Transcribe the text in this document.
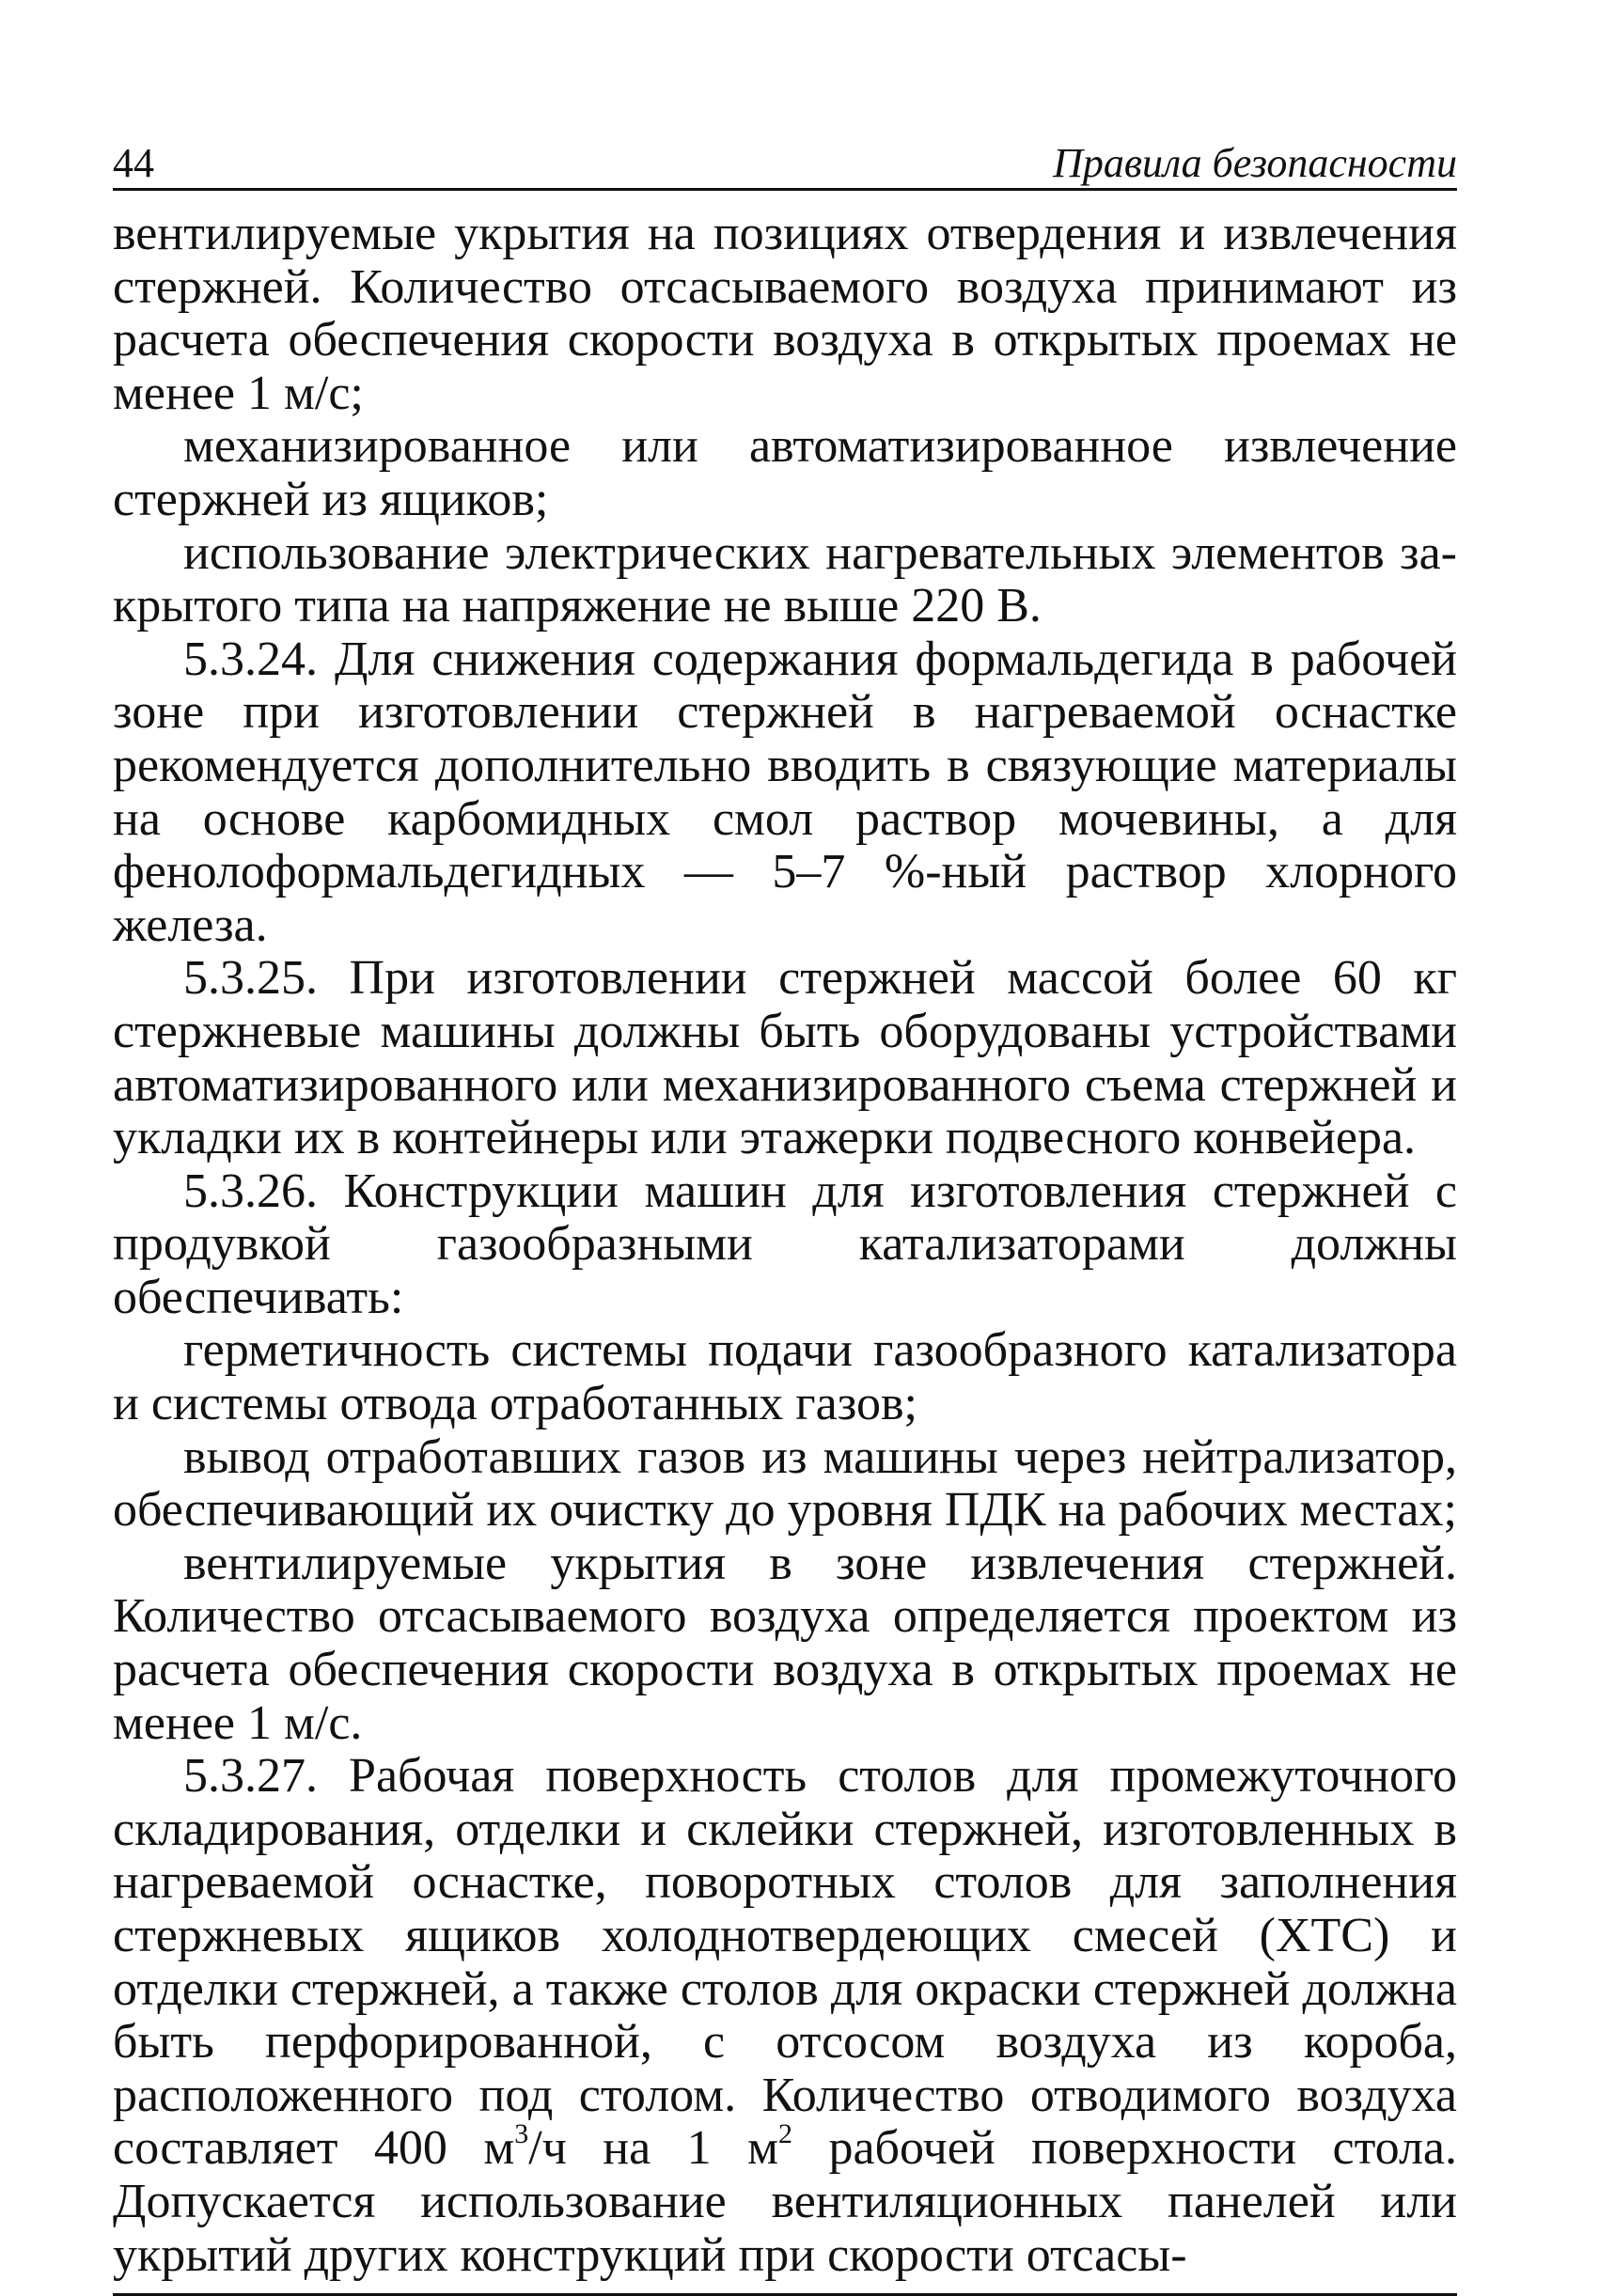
44	Правила безопасности

вентилируемые укрытия на позициях отвердения и извлечения стержней. Количество отсасываемого воздуха принимают из расчета обеспечения скорости воздуха в открытых проемах не менее 1 м/с;

механизированное или автоматизированное извлечение стержней из ящиков;

использование электрических нагревательных элементов закрытого типа на напряжение не выше 220 В.

5.3.24. Для снижения содержания формальдегида в рабочей зоне при изготовлении стержней в нагреваемой оснастке рекомендуется дополнительно вводить в связующие материалы на основе карбомидных смол раствор мочевины, а для фенолоформальдегидных — 5–7 %-ный раствор хлорного железа.

5.3.25. При изготовлении стержней массой более 60 кг стержневые машины должны быть оборудованы устройствами автоматизированного или механизированного съема стержней и укладки их в контейнеры или этажерки подвесного конвейера.

5.3.26. Конструкции машин для изготовления стержней с продувкой газообразными катализаторами должны обеспечивать:

герметичность системы подачи газообразного катализатора и системы отвода отработанных газов;

вывод отработавших газов из машины через нейтрализатор, обеспечивающий их очистку до уровня ПДК на рабочих местах;

вентилируемые укрытия в зоне извлечения стержней. Количество отсасываемого воздуха определяется проектом из расчета обеспечения скорости воздуха в открытых проемах не менее 1 м/с.

5.3.27. Рабочая поверхность столов для промежуточного складирования, отделки и склейки стержней, изготовленных в нагреваемой оснастке, поворотных столов для заполнения стержневых ящиков холоднотвердеющих смесей (ХТС) и отделки стержней, а также столов для окраски стержней должна быть перфорированной, с отсосом воздуха из короба, расположенного под столом. Количество отводимого воздуха составляет 400 $м^3/ч$ на 1 $м^2$ рабочей поверхности стола. Допускается использование вентиляционных панелей или укрытий других конструкций при скорости отсасы-
